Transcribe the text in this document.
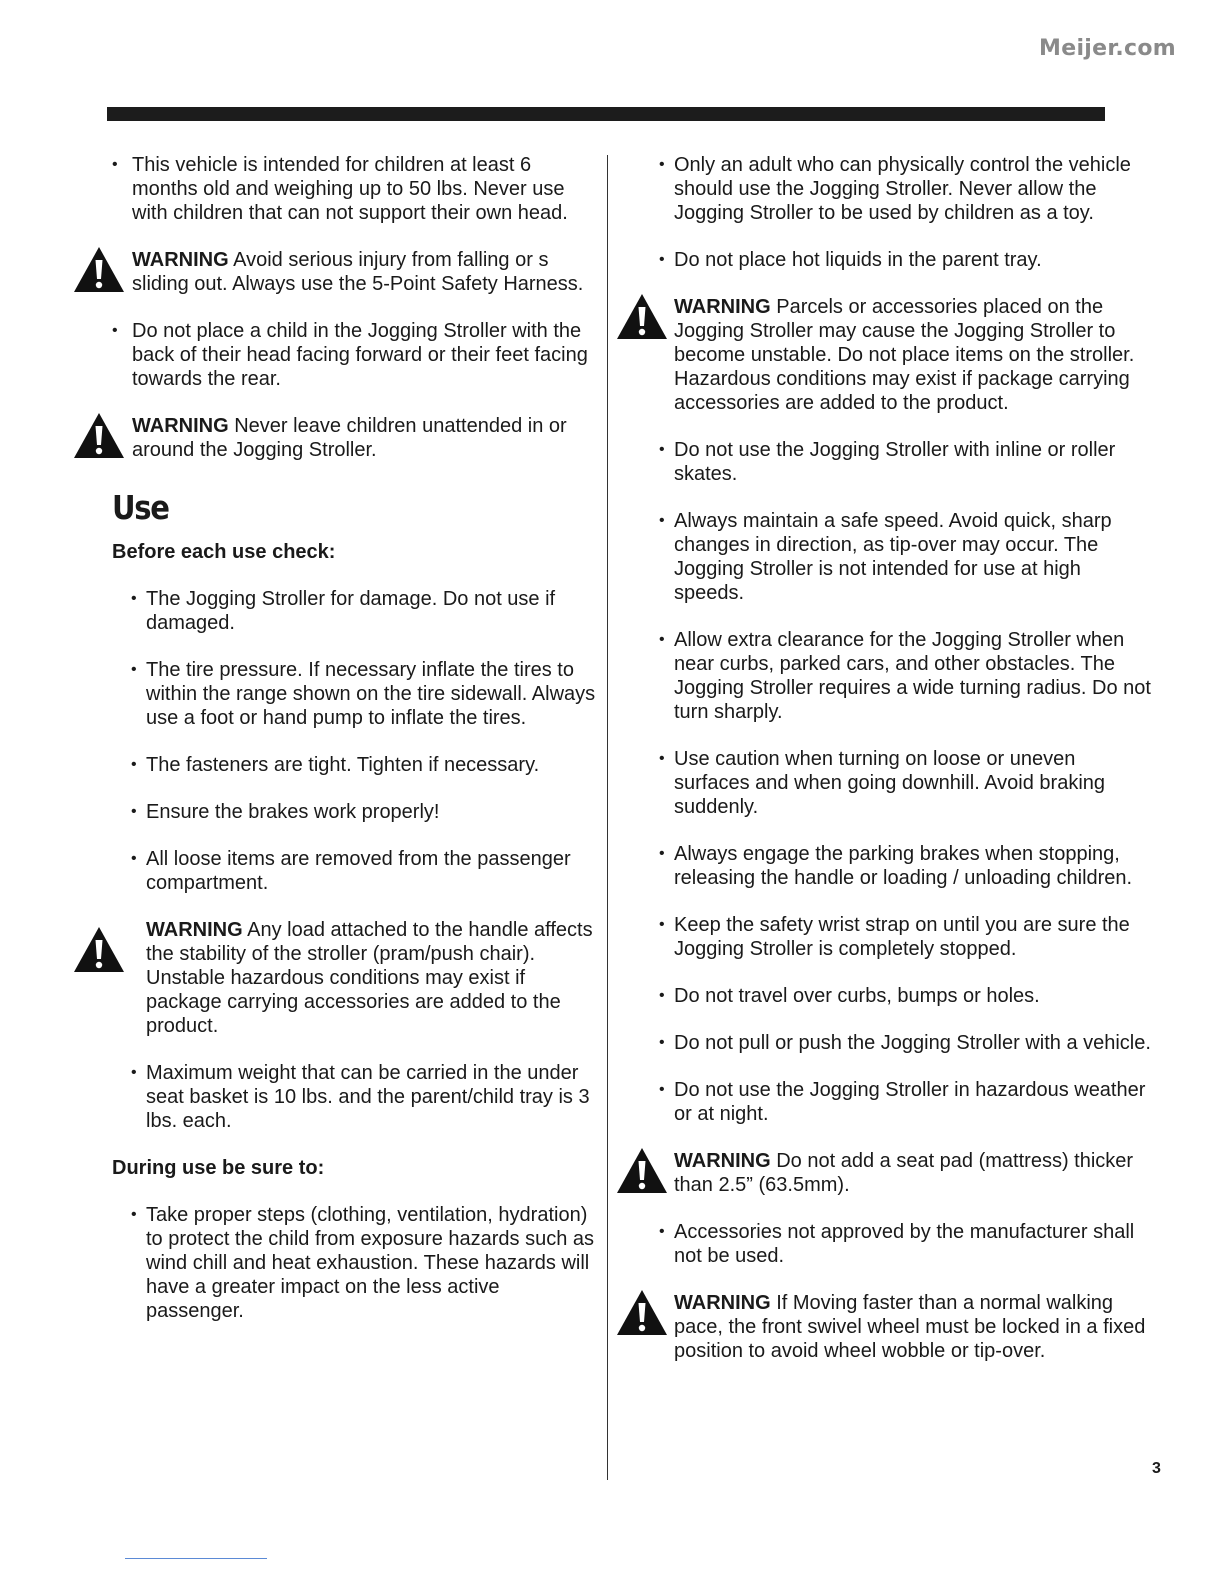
Meijer.com

• This vehicle is intended for children at least 6 months old and weighing up to 50 lbs. Never use with children that can not support their own head.

WARNING Avoid serious injury from falling or s sliding out. Always use the 5-Point Safety Harness.

• Do not place a child in the Jogging Stroller with the back of their head facing forward or their feet facing towards the rear.

WARNING Never leave children unattended in or around the Jogging Stroller.
Use
Before each use check:

• The Jogging Stroller for damage. Do not use if damaged.

• The tire pressure. If necessary inflate the tires to within the range shown on the tire sidewall. Always use a foot or hand pump to inflate the tires.

• The fasteners are tight. Tighten if necessary.

• Ensure the brakes work properly!

• All loose items are removed from the passenger compartment.

WARNING Any load attached to the handle affects the stability of the stroller (pram/push chair). Unstable hazardous conditions may exist if package carrying accessories are added to the product.

• Maximum weight that can be carried in the under seat basket is 10 lbs. and the parent/child tray is 3 lbs. each.

During use be sure to:

• Take proper steps (clothing, ventilation, hydration) to protect the child from exposure hazards such as wind chill and heat exhaustion. These hazards will have a greater impact on the less active passenger.

• Only an adult who can physically control the vehicle should use the Jogging Stroller. Never allow the Jogging Stroller to be used by children as a toy.

• Do not place hot liquids in the parent tray.

WARNING Parcels or accessories placed on the Jogging Stroller may cause the Jogging Stroller to become unstable. Do not place items on the stroller. Hazardous conditions may exist if package carrying accessories are added to the product.

• Do not use the Jogging Stroller with inline or roller skates.

• Always maintain a safe speed. Avoid quick, sharp changes in direction, as tip-over may occur. The Jogging Stroller is not intended for use at high speeds.

• Allow extra clearance for the Jogging Stroller when near curbs, parked cars, and other obstacles. The Jogging Stroller requires a wide turning radius. Do not turn sharply.

• Use caution when turning on loose or uneven surfaces and when going downhill. Avoid braking suddenly.

• Always engage the parking brakes when stopping, releasing the handle or loading / unloading children.

• Keep the safety wrist strap on until you are sure the Jogging Stroller is completely stopped.

• Do not travel over curbs, bumps or holes.

• Do not pull or push the Jogging Stroller with a vehicle.

• Do not use the Jogging Stroller in hazardous weather or at night.

WARNING Do not add a seat pad (mattress) thicker than 2.5” (63.5mm).

• Accessories not approved by the manufacturer shall not be used.

WARNING If Moving faster than a normal walking pace, the front swivel wheel must be locked in a fixed position to avoid wheel wobble or tip-over.
3
